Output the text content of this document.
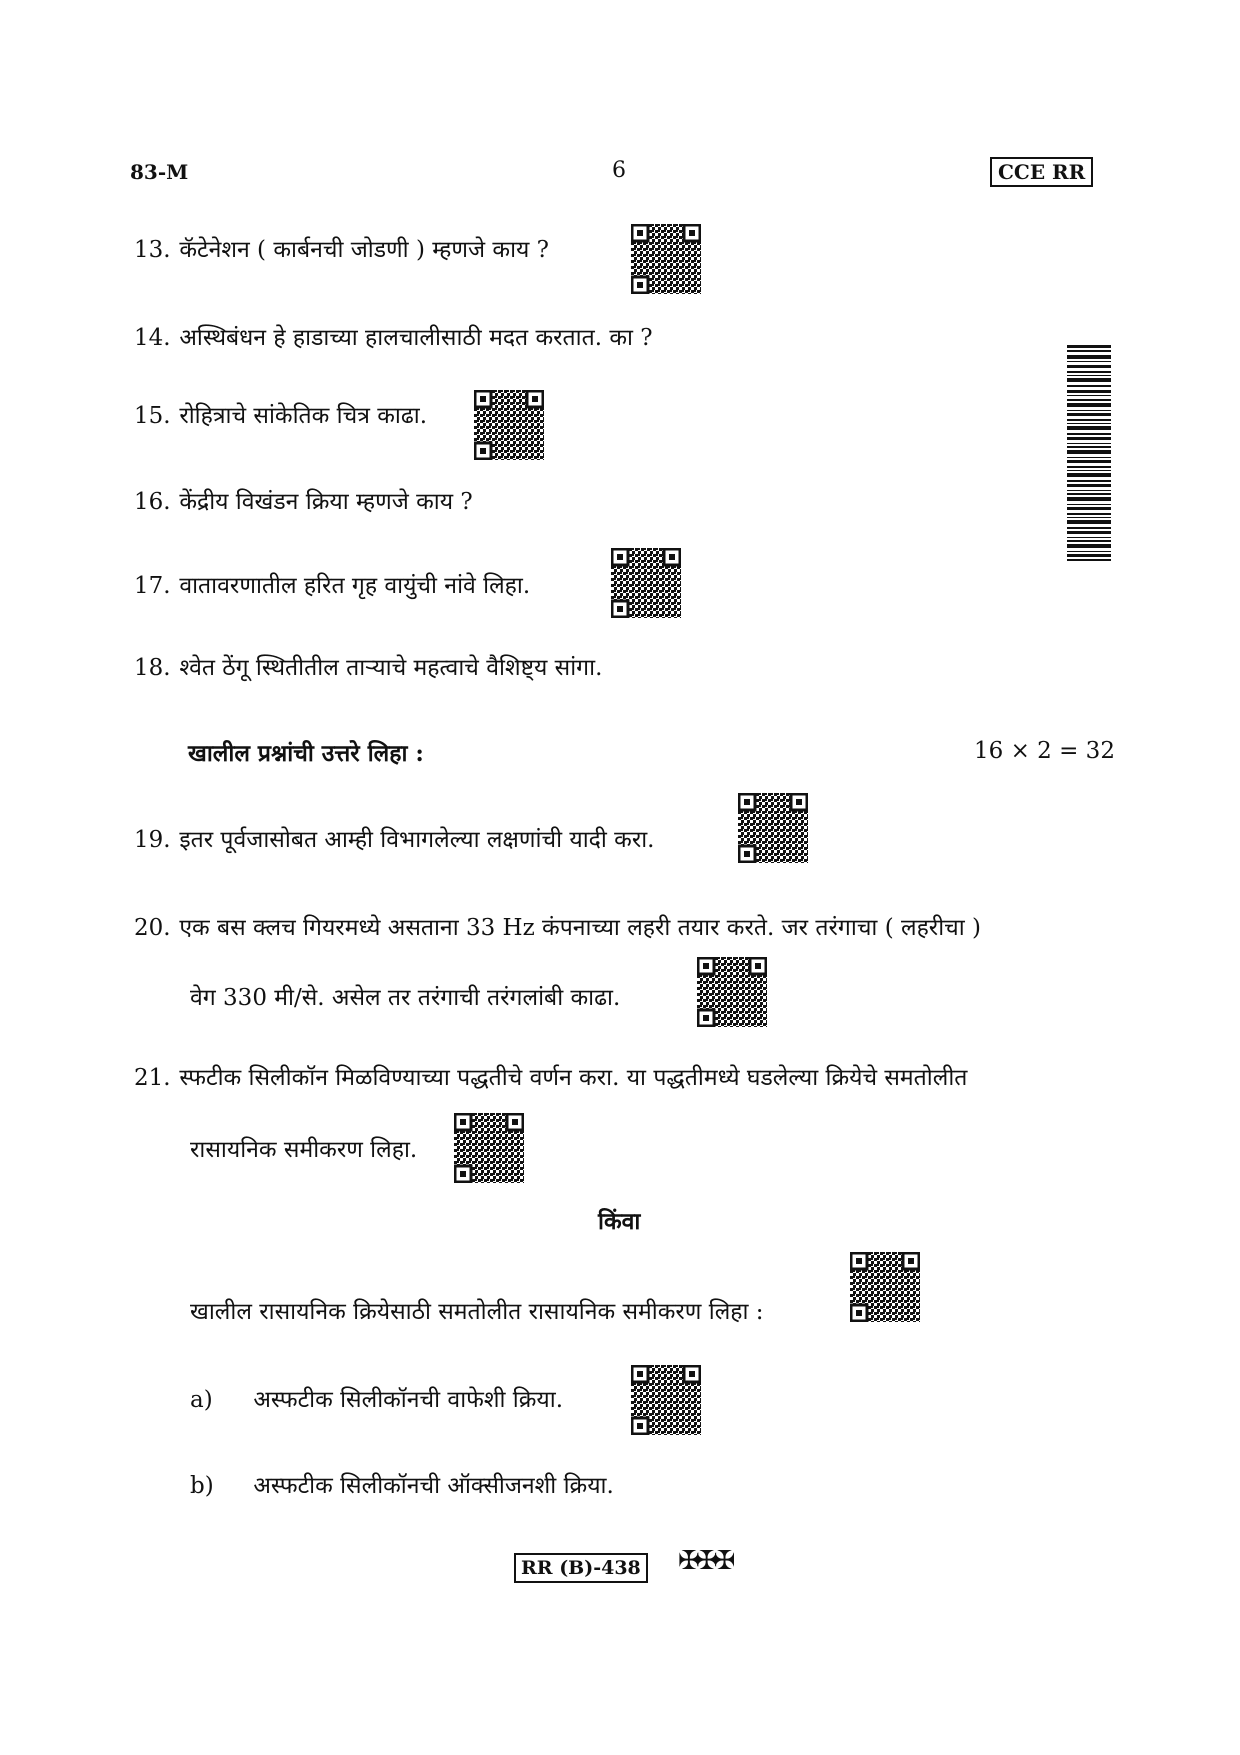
83-M	6	CCE RR
13. कॅटेनेशन ( कार्बनची जोडणी ) म्हणजे काय ?
14. अस्थिबंधन हे हाडाच्या हालचालीसाठी मदत करतात. का ?
15. रोहित्राचे सांकेतिक चित्र काढा.
16. केंद्रीय विखंडन क्रिया म्हणजे काय ?
17. वातावरणातील हरित गृह वायुंची नांवे लिहा.
18. श्वेत ठेंगू स्थितीतील ताऱ्याचे महत्वाचे वैशिष्ट्य सांगा.
खालील प्रश्नांची उत्तरे लिहा :	16 × 2 = 32
19. इतर पूर्वजासोबत आम्ही विभागलेल्या लक्षणांची यादी करा.
20. एक बस क्लच गियरमध्ये असताना 33 Hz कंपनाच्या लहरी तयार करते. जर तरंगाचा ( लहरीचा )
वेग 330 मी/से. असेल तर तरंगाची तरंगलांबी काढा.
21. स्फटीक सिलीकॉन मिळविण्याच्या पद्धतीचे वर्णन करा. या पद्धतीमध्ये घडलेल्या क्रियेचे समतोलीत
रासायनिक समीकरण लिहा.
किंवा
खालील रासायनिक क्रियेसाठी समतोलीत रासायनिक समीकरण लिहा :
a) अस्फटीक सिलीकॉनची वाफेशी क्रिया.
b) अस्फटीक सिलीकॉनची ऑक्सीजनशी क्रिया.
RR (B)-438 ✠✠✠
